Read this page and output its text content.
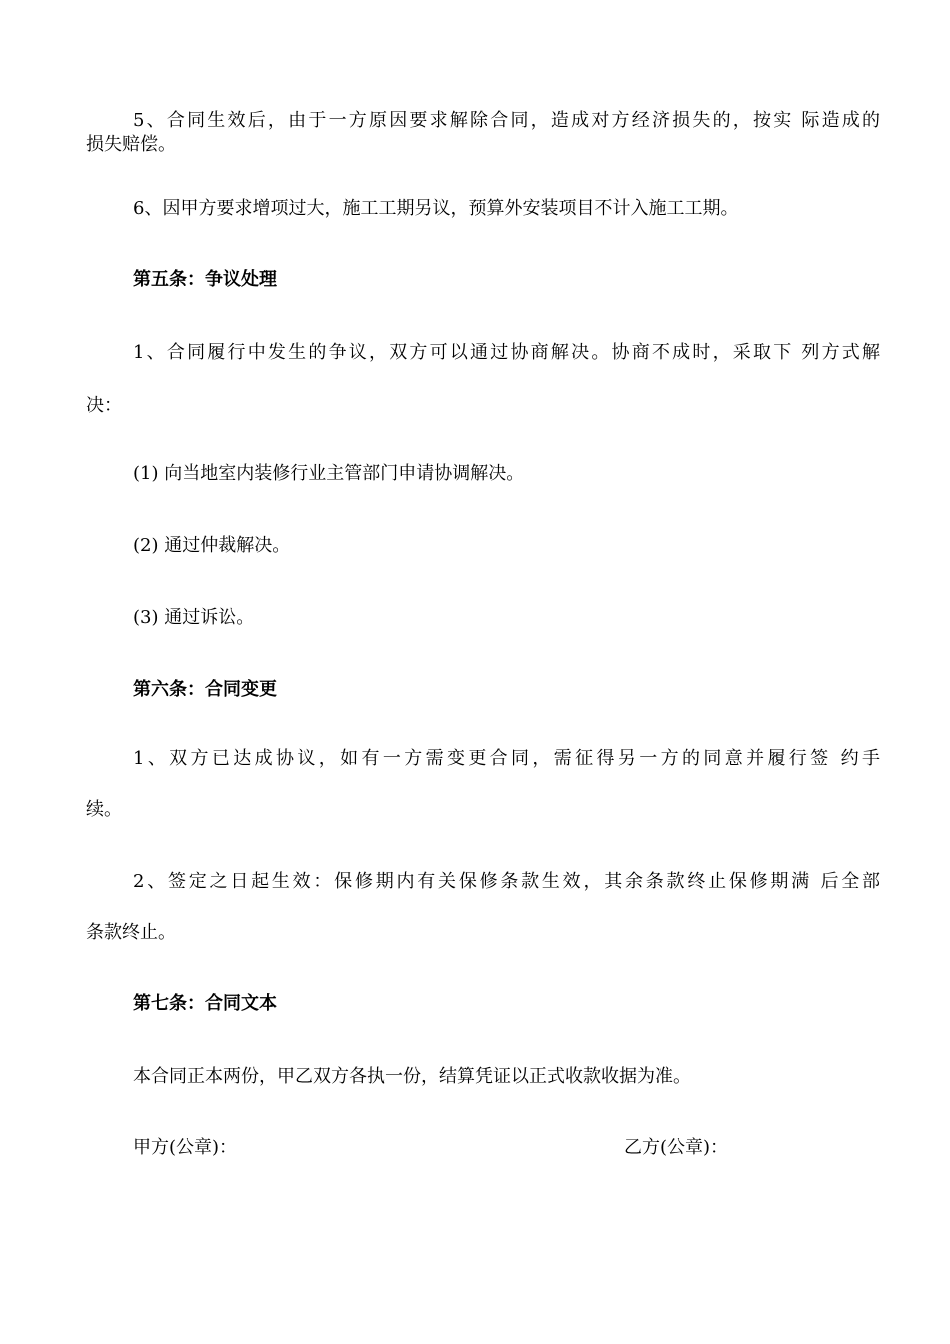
5、合同生效后，由于一方原因要求解除合同，造成对方经济损失的，按实 际造成的
损失赔偿。
6、因甲方要求增项过大，施工工期另议，预算外安装项目不计入施工工期。
第五条：争议处理
1、合同履行中发生的争议，双方可以通过协商解决。协商不成时，采取下 列方式解
决：
(1) 向当地室内装修行业主管部门申请协调解决。
(2) 通过仲裁解决。
(3) 通过诉讼。
第六条：合同变更
1、双方已达成协议，如有一方需变更合同，需征得另一方的同意并履行签 约手
续。
2、签定之日起生效：保修期内有关保修条款生效，其余条款终止保修期满 后全部
条款终止。
第七条：合同文本
本合同正本两份，甲乙双方各执一份，结算凭证以正式收款收据为准。
甲方(公章)：	乙方(公章)：
